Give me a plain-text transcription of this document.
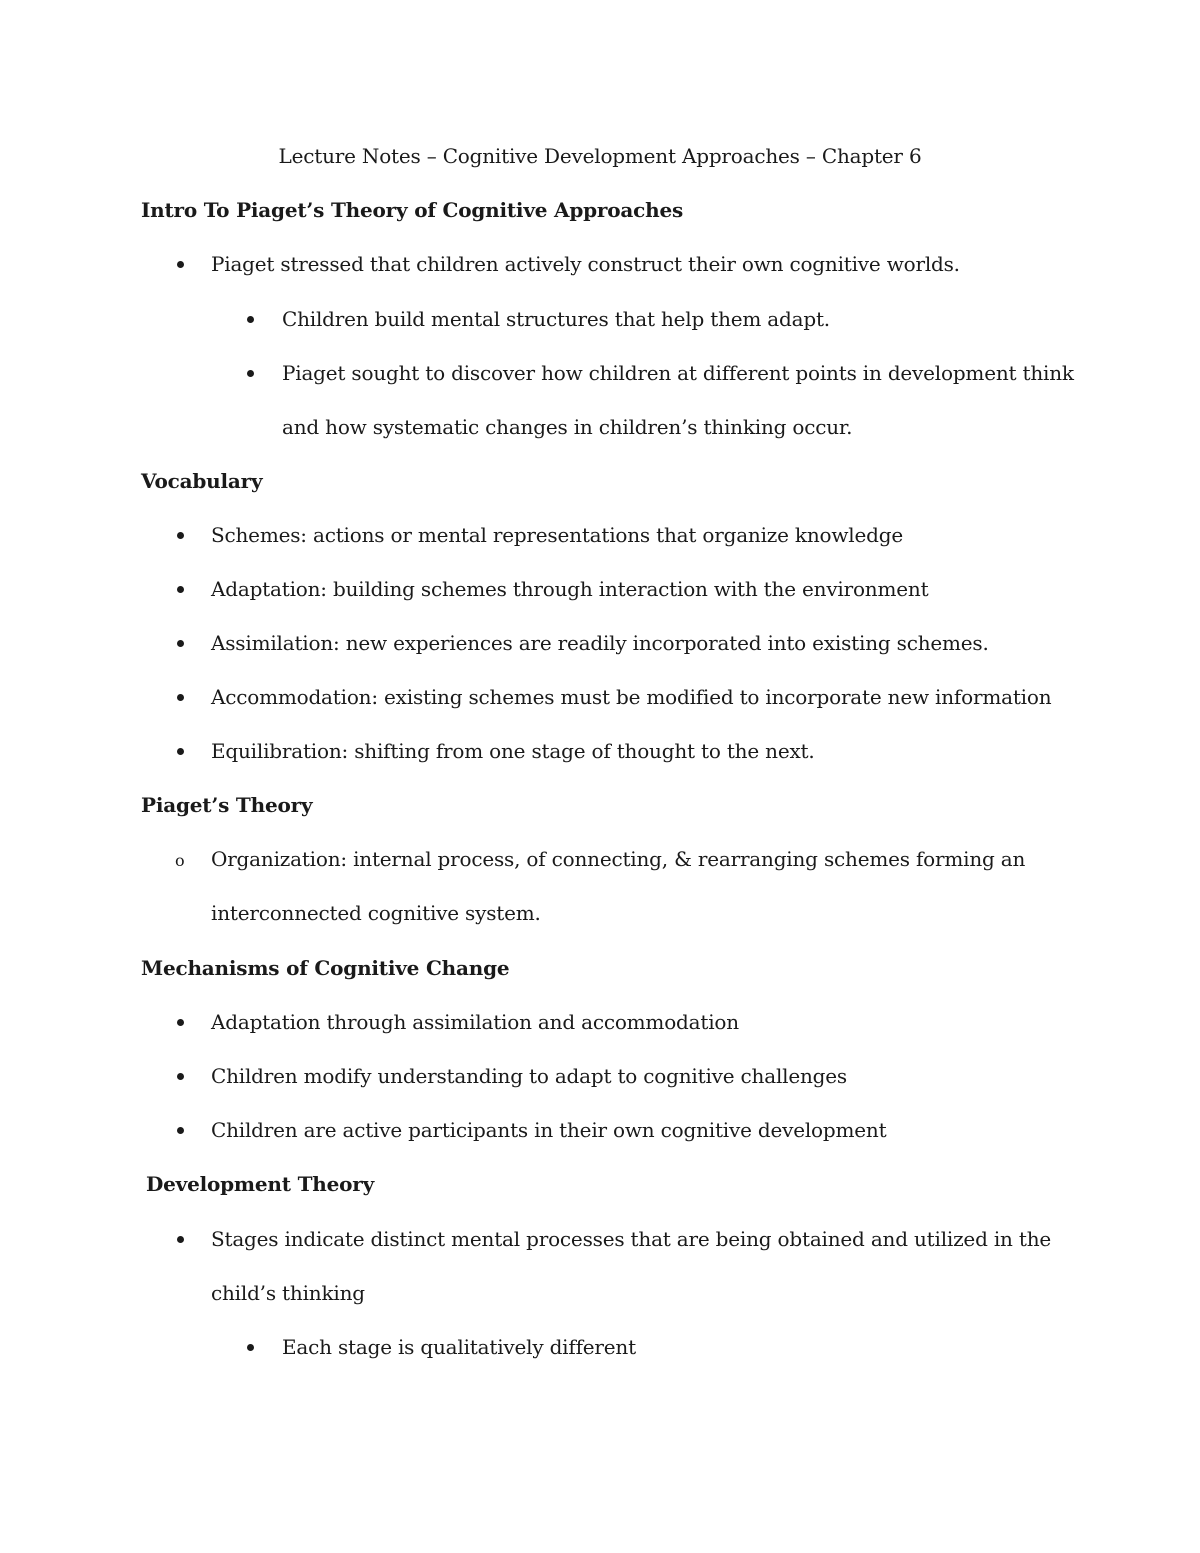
Lecture Notes – Cognitive Development Approaches – Chapter 6
Intro To Piaget’s Theory of Cognitive Approaches
Piaget stressed that children actively construct their own cognitive worlds.
Children build mental structures that help them adapt.
Piaget sought to discover how children at different points in development think
and how systematic changes in children’s thinking occur.
Vocabulary
Schemes: actions or mental representations that organize knowledge
Adaptation: building schemes through interaction with the environment
Assimilation: new experiences are readily incorporated into existing schemes.
Accommodation: existing schemes must be modified to incorporate new information
Equilibration: shifting from one stage of thought to the next.
Piaget’s Theory
o Organization: internal process, of connecting, & rearranging schemes forming an
interconnected cognitive system.
Mechanisms of Cognitive Change
Adaptation through assimilation and accommodation
Children modify understanding to adapt to cognitive challenges
Children are active participants in their own cognitive development
Development Theory
Stages indicate distinct mental processes that are being obtained and utilized in the
child’s thinking
Each stage is qualitatively different
